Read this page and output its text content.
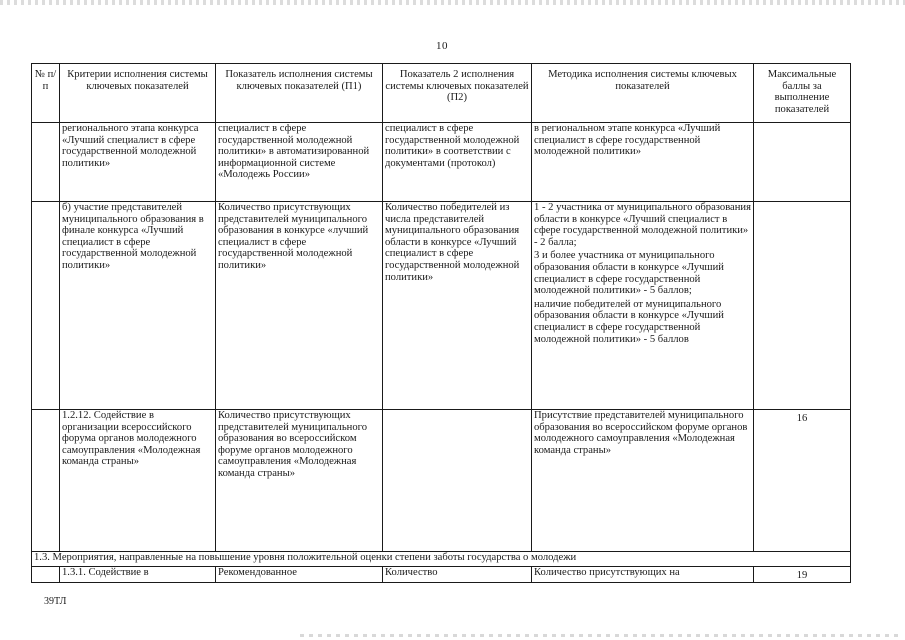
10
№ п/п	Критерии исполнения системы ключевых показателей	Показатель исполнения системы ключевых показателей (П1)	Показатель 2 исполнения системы ключевых показателей (П2)	Методика исполнения системы ключевых показателей	Максимальные баллы за выполнение показателей
	регионального этапа конкурса «Лучший специалист в сфере государственной молодежной политики»	специалист в сфере государственной молодежной политики» в автоматизированной информационной системе «Молодежь России»	специалист в сфере государственной молодежной политики» в соответствии с документами (протокол)	в региональном этапе конкурса «Лучший специалист в сфере государственной молодежной политики»	
	б) участие представителей муниципального образования в финале конкурса «Лучший специалист в сфере государственной молодежной политики»	Количество присутствующих представителей муниципального образования в конкурсе «лучший специалист в сфере государственной молодежной политики»	Количество победителей из числа представителей муниципального образования области в конкурсе «Лучший специалист в сфере государственной молодежной политики»	1 - 2 участника от муниципального образования области в конкурсе «Лучший специалист в сфере государственной молодежной политики» - 2 балла;
3 и более участника от муниципального образования области в конкурсе «Лучший специалист в сфере государственной молодежной политики» - 5 баллов;
наличие победителей от муниципального образования области в конкурсе «Лучший специалист в сфере государственной молодежной политики» - 5 баллов	

	1.2.12. Содействие в организации всероссийского форума органов молодежного самоуправления «Молодежная команда страны»	Количество присутствующих представителей муниципального образования во всероссийском форуме органов молодежного самоуправления «Молодежная команда страны»		Присутствие представителей муниципального образования во всероссийском форуме органов молодежного самоуправления «Молодежная команда страны»	16
1.3. Мероприятия, направленные на повышение уровня положительной оценки степени заботы государства о молодежи					
	1.3.1. Содействие в	Рекомендованное	Количество	Количество присутствующих на	19
39ТЛ
